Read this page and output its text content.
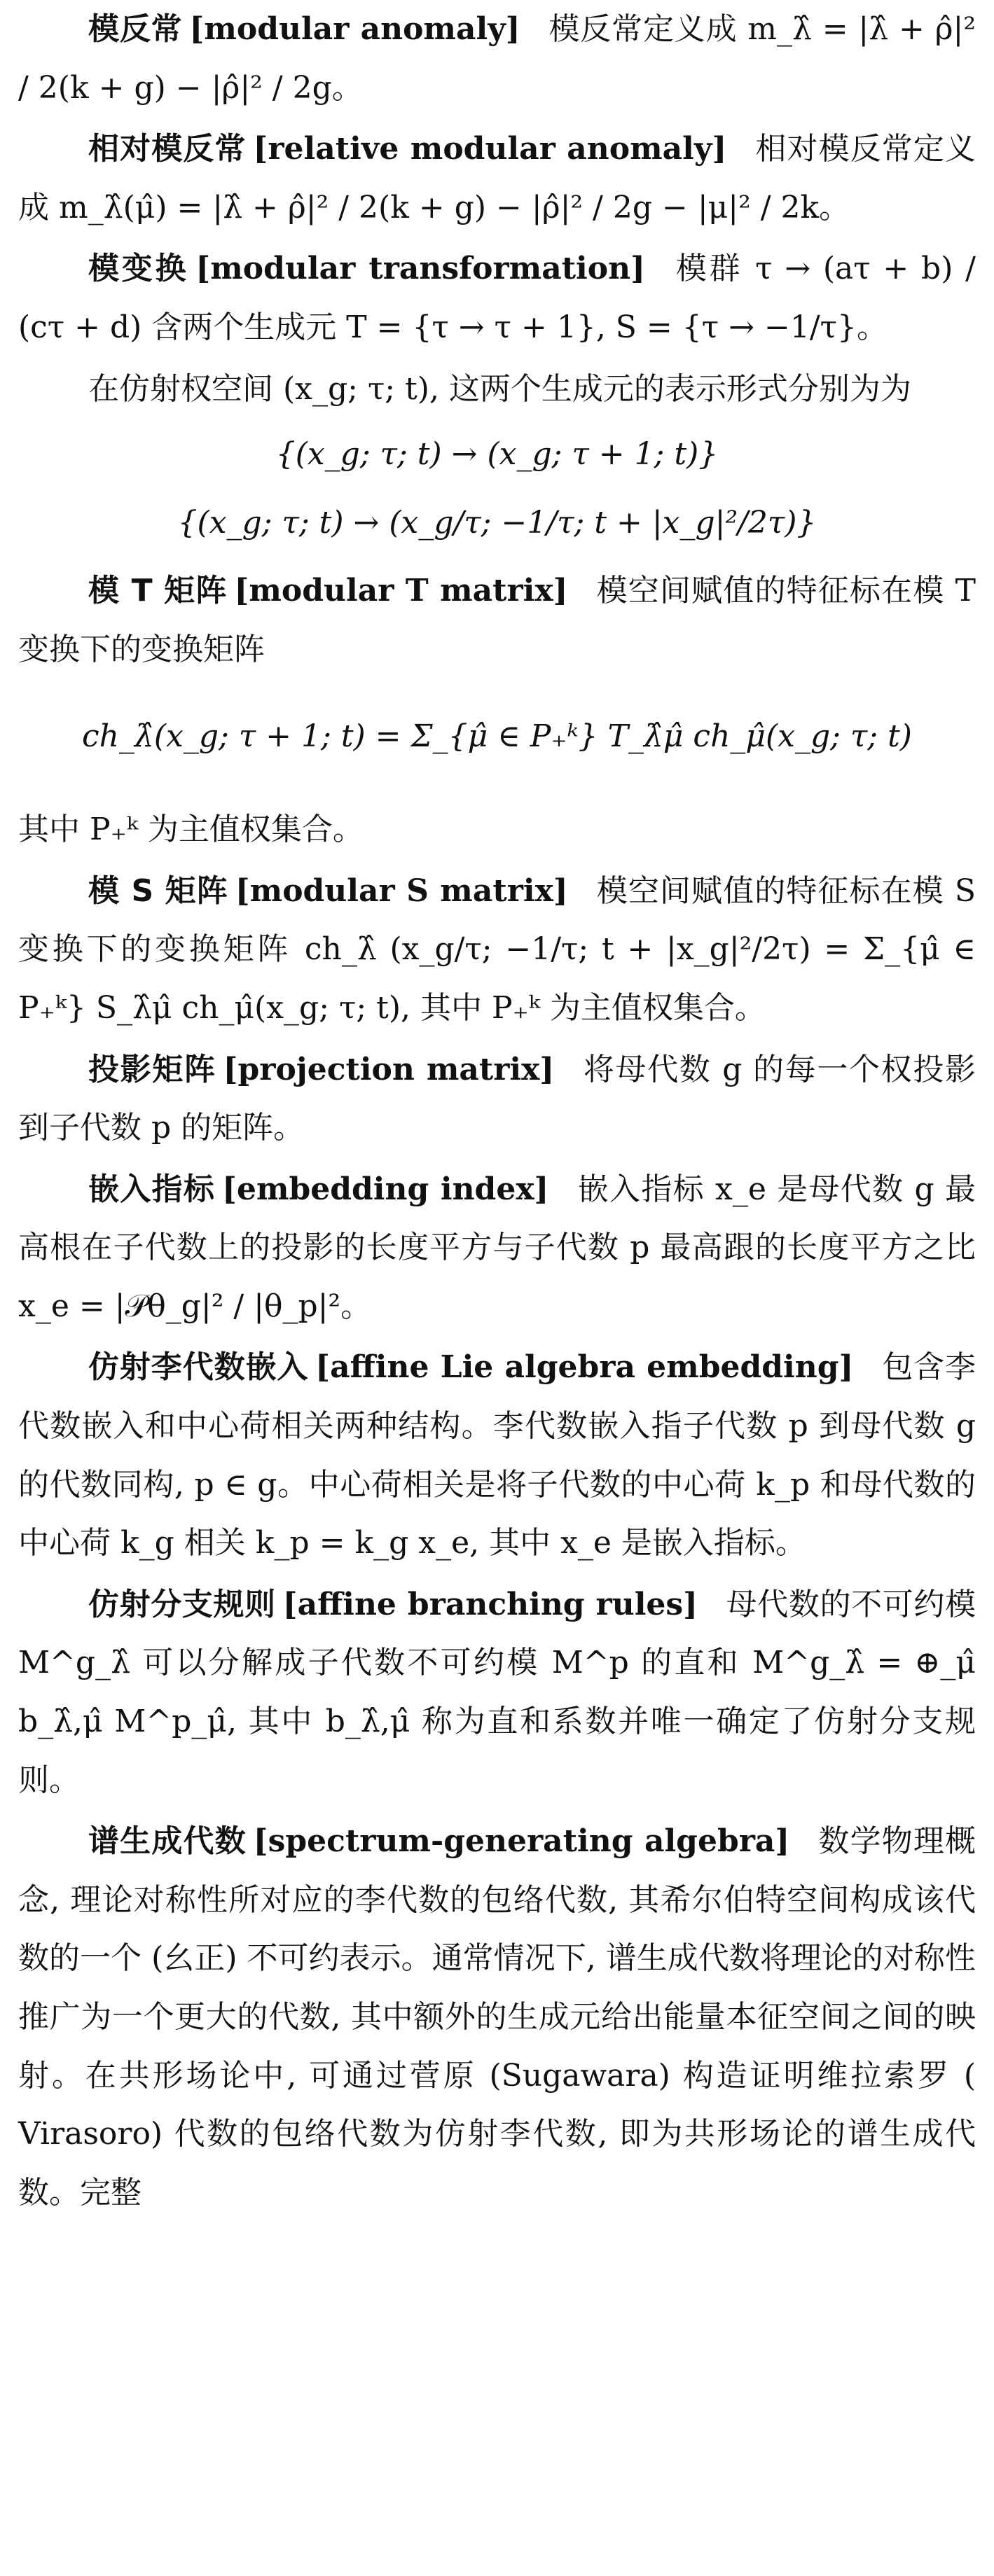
模反常 [modular anomaly] 模反常定义成 m_λ̂ = |λ̂ + ρ̂|² / 2(k + g) − |ρ̂|² / 2g。

相对模反常 [relative modular anomaly] 相对模反常定义成 m_λ̂(μ̂) = |λ̂ + ρ̂|² / 2(k + g) − |ρ̂|² / 2g − |μ|² / 2k。

模变换 [modular transformation] 模群 τ → (aτ + b) / (cτ + d) 含两个生成元 T = {τ → τ + 1}, S = {τ → −1/τ}。

在仿射权空间 (x_g; τ; t), 这两个生成元的表示形式分别为为

{(x_g; τ; t) → (x_g; τ + 1; t)}
{(x_g; τ; t) → (x_g/τ; −1/τ; t + |x_g|²/2τ)}

模 T 矩阵 [modular T matrix] 模空间赋值的特征标在模 T 变换下的变换矩阵

ch_λ̂(x_g; τ + 1; t) = Σ_{μ̂ ∈ P₊ᵏ} T_λ̂μ̂ ch_μ̂(x_g; τ; t)

其中 P₊ᵏ 为主值权集合。

模 S 矩阵 [modular S matrix] 模空间赋值的特征标在模 S 变换下的变换矩阵 ch_λ̂ (x_g/τ; −1/τ; t + |x_g|²/2τ) = Σ_{μ̂ ∈ P₊ᵏ} S_λ̂μ̂ ch_μ̂(x_g; τ; t), 其中 P₊ᵏ 为主值权集合。

投影矩阵 [projection matrix] 将母代数 g 的每一个权投影到子代数 p 的矩阵。

嵌入指标 [embedding index] 嵌入指标 x_e 是母代数 g 最高根在子代数上的投影的长度平方与子代数 p 最高跟的长度平方之比 x_e = |𝒫θ_g|² / |θ_p|²。

仿射李代数嵌入 [affine Lie algebra embedding] 包含李代数嵌入和中心荷相关两种结构。李代数嵌入指子代数 p 到母代数 g 的代数同构, p ∈ g。中心荷相关是将子代数的中心荷 k_p 和母代数的中心荷 k_g 相关 k_p = k_g x_e, 其中 x_e 是嵌入指标。

仿射分支规则 [affine branching rules] 母代数的不可约模 M^g_λ̂ 可以分解成子代数不可约模 M^p 的直和 M^g_λ̂ = ⊕_μ̂ b_λ̂,μ̂ M^p_μ̂, 其中 b_λ̂,μ̂ 称为直和系数并唯一确定了仿射分支规则。

谱生成代数 [spectrum-generating algebra] 数学物理概念, 理论对称性所对应的李代数的包络代数, 其希尔伯特空间构成该代数的一个 (幺正) 不可约表示。通常情况下, 谱生成代数将理论的对称性推广为一个更大的代数, 其中额外的生成元给出能量本征空间之间的映射。在共形场论中, 可通过菅原 (Sugawara) 构造证明维拉索罗 ( Virasoro) 代数的包络代数为仿射李代数, 即为共形场论的谱生成代数。完整
